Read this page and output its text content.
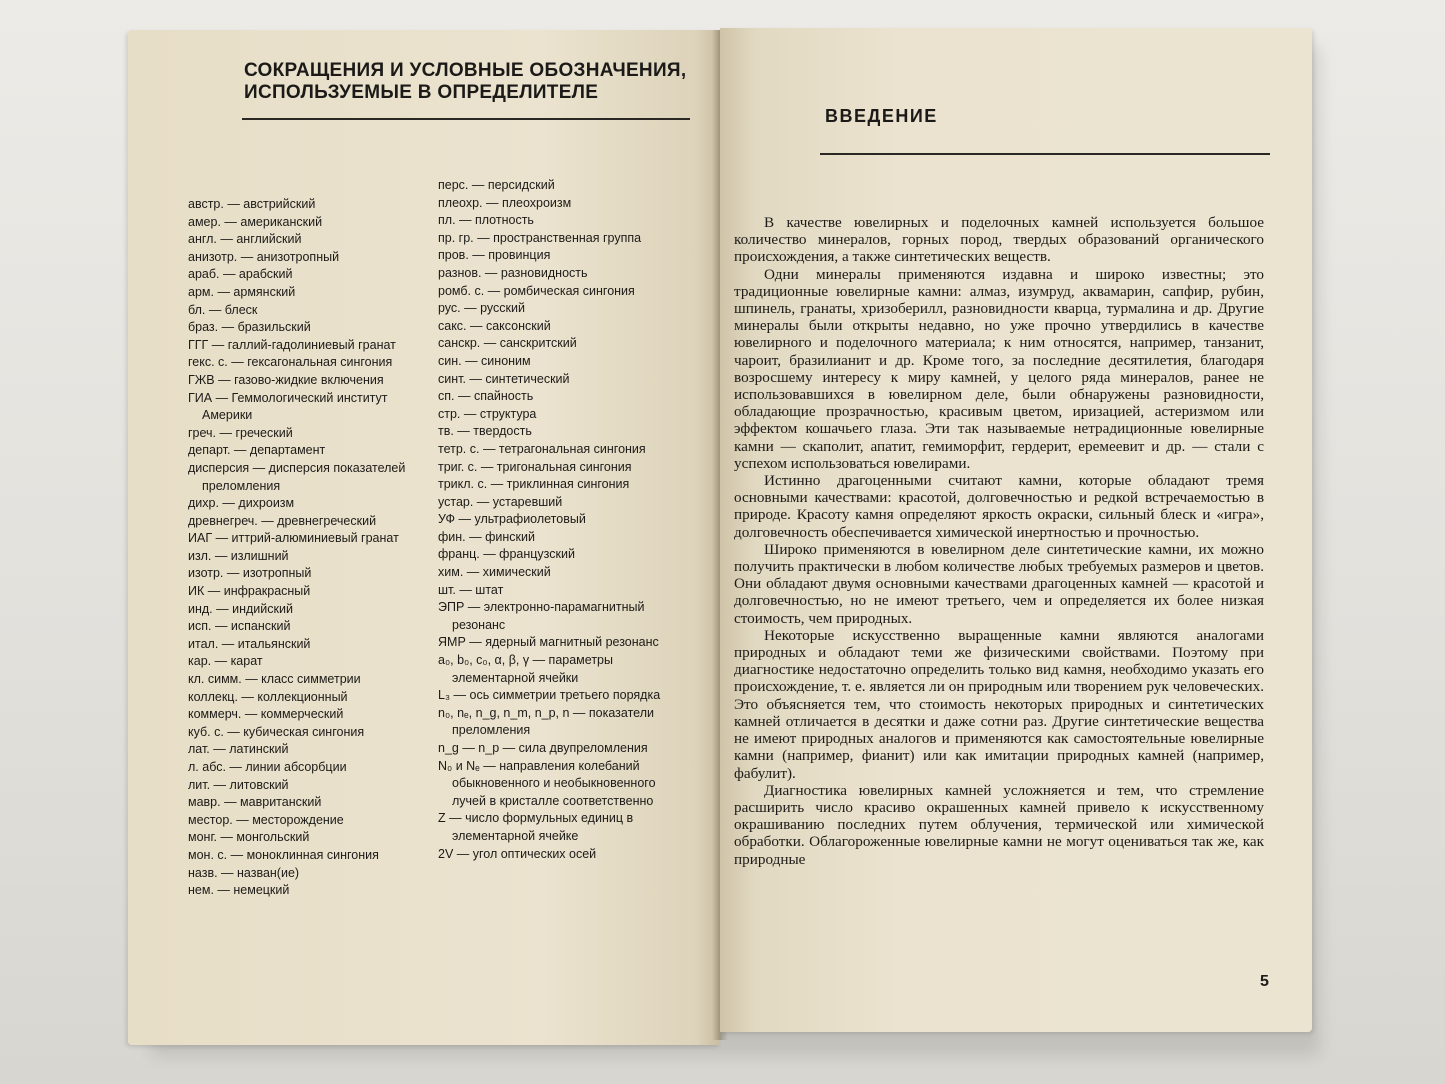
СОКРАЩЕНИЯ И УСЛОВНЫЕ ОБОЗНАЧЕНИЯ,
ИСПОЛЬЗУЕМЫЕ В ОПРЕДЕЛИТЕЛЕ

австр. — австрийский

амер. — американский

англ. — английский

анизотр. — анизотропный

араб. — арабский

арм. — армянский

бл. — блеск

браз. — бразильский

ГГГ — галлий-гадолиниевый гранат

гекс. с. — гексагональная сингония

ГЖВ — газово-жидкие включения

ГИА — Геммологический институт Америки

греч. — греческий

департ. — департамент

дисперсия — дисперсия показателей преломления

дихр. — дихроизм

древнегреч. — древнегреческий

ИАГ — иттрий-алюминиевый гранат

изл. — излишний

изотр. — изотропный

ИК — инфракрасный

инд. — индийский

исп. — испанский

итал. — итальянский

кар. — карат

кл. симм. — класс симметрии

коллекц. — коллекционный

коммерч. — коммерческий

куб. с. — кубическая сингония

лат. — латинский

л. абс. — линии абсорбции

лит. — литовский

мавр. — мавританский

местор. — месторождение

монг. — монгольский

мон. с. — моноклинная сингония

назв. — назван(ие)

нем. — немецкий

перс. — персидский

плеохр. — плеохроизм

пл. — плотность

пр. гр. — пространственная группа

пров. — провинция

разнов. — разновидность

ромб. с. — ромбическая сингония

рус. — русский

сакс. — саксонский

санскр. — санскритский

син. — синоним

синт. — синтетический

сп. — спайность

стр. — структура

тв. — твердость

тетр. с. — тетрагональная сингония

триг. с. — тригональная сингония

трикл. с. — триклинная сингония

устар. — устаревший

УФ — ультрафиолетовый

фин. — финский

франц. — французский

хим. — химический

шт. — штат

ЭПР — электронно-парамагнитный резонанс

ЯМР — ядерный магнитный резонанс

a₀, b₀, c₀, α, β, γ — параметры элементарной ячейки

L₃ — ось симметрии третьего порядка

n₀, nₑ, n_g, n_m, n_p, n — показатели преломления

n_g — n_p — сила двупреломления

N₀ и Nₑ — направления колебаний обыкновенного и необыкновенного лучей в кристалле соответственно

Z — число формульных единиц в элементарной ячейке

2V — угол оптических осей

ВВЕДЕНИЕ

В качестве ювелирных и поделочных камней используется большое количество минералов, горных пород, твердых образований органического происхождения, а также синтетических веществ.

Одни минералы применяются издавна и широко известны; это традиционные ювелирные камни: алмаз, изумруд, аквамарин, сапфир, рубин, шпинель, гранаты, хризоберилл, разновидности кварца, турмалина и др. Другие минералы были открыты недавно, но уже прочно утвердились в качестве ювелирного и поделочного материала; к ним относятся, например, танзанит, чароит, бразилианит и др. Кроме того, за последние десятилетия, благодаря возросшему интересу к миру камней, у целого ряда минералов, ранее не использовавшихся в ювелирном деле, были обнаружены разновидности, обладающие прозрачностью, красивым цветом, иризацией, астеризмом или эффектом кошачьего глаза. Эти так называемые нетрадиционные ювелирные камни — скаполит, апатит, гемиморфит, гердерит, еремеевит и др. — стали с успехом использоваться ювелирами.

Истинно драгоценными считают камни, которые обладают тремя основными качествами: красотой, долговечностью и редкой встречаемостью в природе. Красоту камня определяют яркость окраски, сильный блеск и «игра», долговечность обеспечивается химической инертностью и прочностью.

Широко применяются в ювелирном деле синтетические камни, их можно получить практически в любом количестве любых требуемых размеров и цветов. Они обладают двумя основными качествами драгоценных камней — красотой и долговечностью, но не имеют третьего, чем и определяется их более низкая стоимость, чем природных.

Некоторые искусственно выращенные камни являются аналогами природных и обладают теми же физическими свойствами. Поэтому при диагностике недостаточно определить только вид камня, необходимо указать его происхождение, т. е. является ли он природным или творением рук человеческих. Это объясняется тем, что стоимость некоторых природных и синтетических камней отличается в десятки и даже сотни раз. Другие синтетические вещества не имеют природных аналогов и применяются как самостоятельные ювелирные камни (например, фианит) или как имитации природных камней (например, фабулит).

Диагностика ювелирных камней усложняется и тем, что стремление расширить число красиво окрашенных камней привело к искусственному окрашиванию последних путем облучения, термической или химической обработки. Облагороженные ювелирные камни не могут оцениваться так же, как природные

5
